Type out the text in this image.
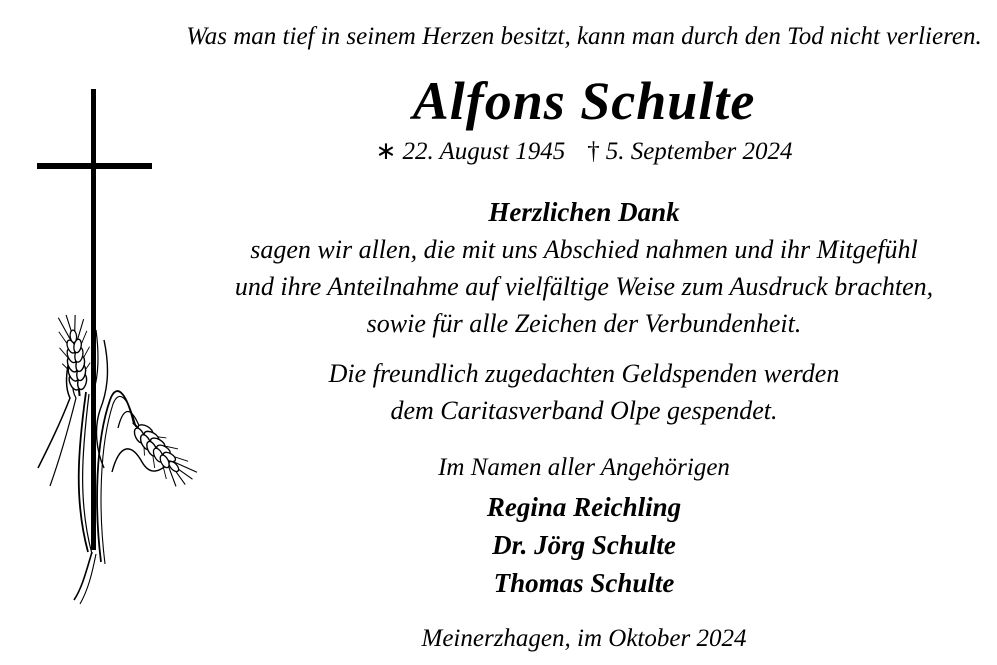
Was man tief in seinem Herzen besitzt, kann man durch den Tod nicht verlieren.

Alfons Schulte

∗ 22. August 1945 † 5. September 2024

Herzlichen Dank

sagen wir allen, die mit uns Abschied nahmen und ihr Mitgefühl
und ihre Anteilnahme auf vielfältige Weise zum Ausdruck brachten,
sowie für alle Zeichen der Verbundenheit.

Die freundlich zugedachten Geldspenden werden
dem Caritasverband Olpe gespendet.

Im Namen aller Angehörigen

Regina Reichling
Dr. Jörg Schulte
Thomas Schulte

Meinerzhagen, im Oktober 2024
